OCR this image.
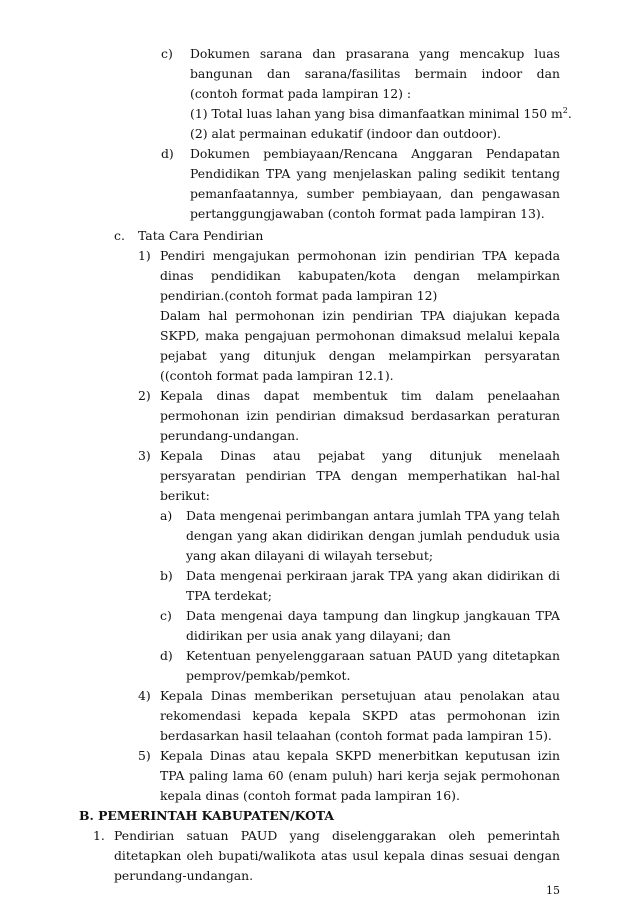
c) Dokumen sarana dan prasarana yang mencakup luas
bangunan dan sarana/fasilitas bermain indoor dan
(contoh format pada lampiran 12) :
(1) Total luas lahan yang bisa dimanfaatkan minimal 150 $m^2$.
(2) alat permainan edukatif (indoor dan outdoor).
d) Dokumen pembiayaan/Rencana Anggaran Pendapatan
Pendidikan TPA yang menjelaskan paling sedikit tentang
pemanfaatannya, sumber pembiayaan, dan pengawasan
pertanggungjawaban (contoh format pada lampiran 13).
c. Tata Cara Pendirian
1) Pendiri mengajukan permohonan izin pendirian TPA kepada
dinas pendidikan kabupaten/kota dengan melampirkan
pendirian.(contoh format pada lampiran 12)
Dalam hal permohonan izin pendirian TPA diajukan kepada
SKPD, maka pengajuan permohonan dimaksud melalui kepala
pejabat yang ditunjuk dengan melampirkan persyaratan
((contoh format pada lampiran 12.1).
2) Kepala dinas dapat membentuk tim dalam penelaahan
permohonan izin pendirian dimaksud berdasarkan peraturan
perundang-undangan.
3) Kepala Dinas atau pejabat yang ditunjuk menelaah
persyaratan pendirian TPA dengan memperhatikan hal-hal
berikut:
a) Data mengenai perimbangan antara jumlah TPA yang telah
dengan yang akan didirikan dengan jumlah penduduk usia
yang akan dilayani di wilayah tersebut;
b) Data mengenai perkiraan jarak TPA yang akan didirikan di
TPA terdekat;
c) Data mengenai daya tampung dan lingkup jangkauan TPA
didirikan per usia anak yang dilayani; dan
d) Ketentuan penyelenggaraan satuan PAUD yang ditetapkan
pemprov/pemkab/pemkot.
4) Kepala Dinas memberikan persetujuan atau penolakan atau
rekomendasi kepada kepala SKPD atas permohonan izin
berdasarkan hasil telaahan (contoh format pada lampiran 15).
5) Kepala Dinas atau kepala SKPD menerbitkan keputusan izin
TPA paling lama 60 (enam puluh) hari kerja sejak permohonan
kepala dinas (contoh format pada lampiran 16).
B. PEMERINTAH KABUPATEN/KOTA
1. Pendirian satuan PAUD yang diselenggarakan oleh pemerintah
ditetapkan oleh bupati/walikota atas usul kepala dinas sesuai dengan
perundang-undangan.
15
